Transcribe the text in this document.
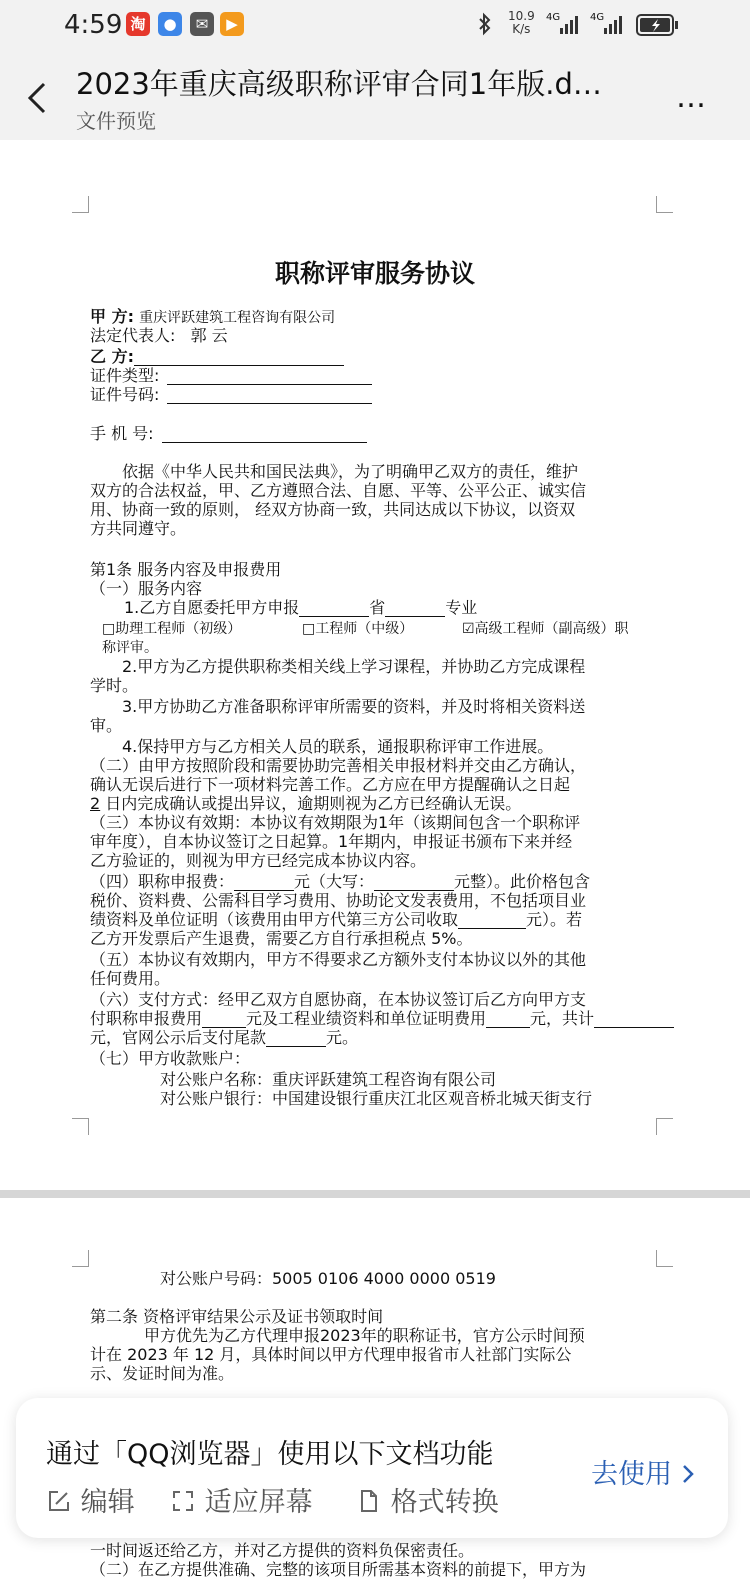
4:59 淘	●	✉	▶	10.9
K/s
4G	4G
2023年重庆高级职称评审合同1年版.d…
文件预览
…
职称评审服务协议
甲 方: 重庆评跃建筑工程咨询有限公司
法定代表人: 郭 云
乙 方:
证件类型:
证件号码:
手 机 号:
依据《中华人民共和国民法典》，为了明确甲乙双方的责任，维护
双方的合法权益，甲、乙方遵照合法、自愿、平等、公平公正、诚实信
用、协商一致的原则， 经双方协商一致，共同达成以下协议，以资双
方共同遵守。
第1条 服务内容及申报费用
（一）服务内容
1.乙方自愿委托甲方申报	省	专业
□助理工程师（初级）	□工程师（中级）	☑高级工程师（副高级）职
称评审。
2.甲方为乙方提供职称类相关线上学习课程，并协助乙方完成课程
学时。
3.甲方协助乙方准备职称评审所需要的资料，并及时将相关资料送
审。
4.保持甲方与乙方相关人员的联系，通报职称评审工作进展。
（二）由甲方按照阶段和需要协助完善相关申报材料并交由乙方确认，
确认无误后进行下一项材料完善工作。乙方应在甲方提醒确认之日起
2 日内完成确认或提出异议，逾期则视为乙方已经确认无误。
（三）本协议有效期：本协议有效期限为1年（该期间包含一个职称评
审年度），自本协议签订之日起算。1年期内，申报证书颁布下来并经
乙方验证的，则视为甲方已经完成本协议内容。
（四）职称申报费：	元（大写：	元整）。此价格包含
税价、资料费、公需科目学习费用、协助论文发表费用，不包括项目业
绩资料及单位证明（该费用由甲方代第三方公司收取	元）。若
乙方开发票后产生退费，需要乙方自行承担税点 5%。
（五）本协议有效期内，甲方不得要求乙方额外支付本协议以外的其他
任何费用。
（六）支付方式：经甲乙双方自愿协商，在本协议签订后乙方向甲方支
付职称申报费用	元及工程业绩资料和单位证明费用	元，共计
元，官网公示后支付尾款	元。
（七）甲方收款账户：
对公账户名称：重庆评跃建筑工程咨询有限公司
对公账户银行：中国建设银行重庆江北区观音桥北城天街支行
对公账户号码：5005 0106 4000 0000 0519
第二条 资格评审结果公示及证书领取时间
甲方优先为乙方代理申报2023年的职称证书，官方公示时间预
计在 2023 年 12 月，具体时间以甲方代理申报省市人社部门实际公
示、发证时间为准。
一时间返还给乙方，并对乙方提供的资料负保密责任。
（二）在乙方提供准确、完整的该项目所需基本资料的前提下，甲方为
通过「QQ浏览器」使用以下文档功能
编辑	适应屏幕	格式转换
去使用
